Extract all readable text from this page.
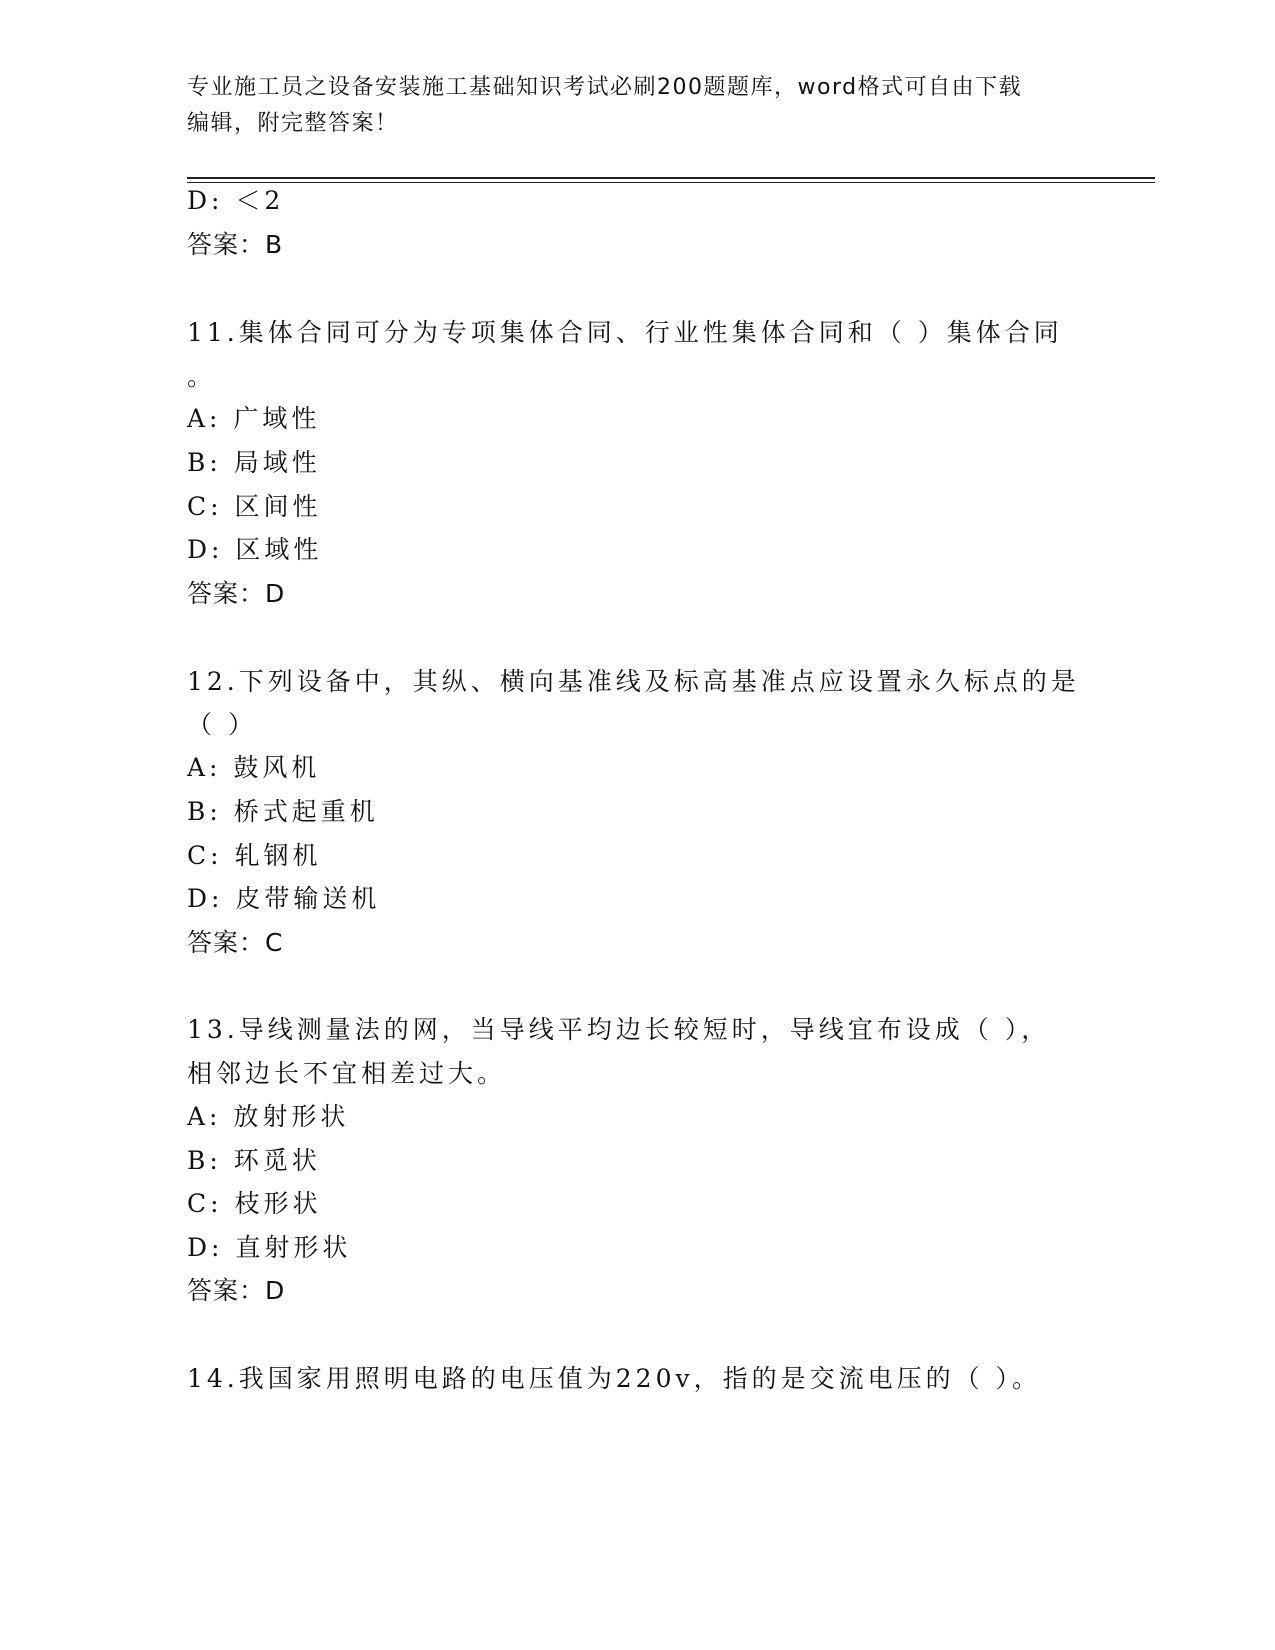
专业施工员之设备安装施工基础知识考试必刷200题题库，word格式可自由下载
编辑，附完整答案！
D: ＜2
答案：B
11.集体合同可分为专项集体合同、行业性集体合同和（ ）集体合同
。
A: 广域性
B: 局域性
C: 区间性
D: 区域性
答案：D
12.下列设备中，其纵、横向基准线及标高基准点应设置永久标点的是
（ ）
A: 鼓风机
B: 桥式起重机
C: 轧钢机
D: 皮带输送机
答案：C
13.导线测量法的网，当导线平均边长较短时，导线宜布设成（ ），
相邻边长不宜相差过大。
A: 放射形状
B: 环觅状
C: 枝形状
D: 直射形状
答案：D
14.我国家用照明电路的电压值为220v，指的是交流电压的（ ）。
